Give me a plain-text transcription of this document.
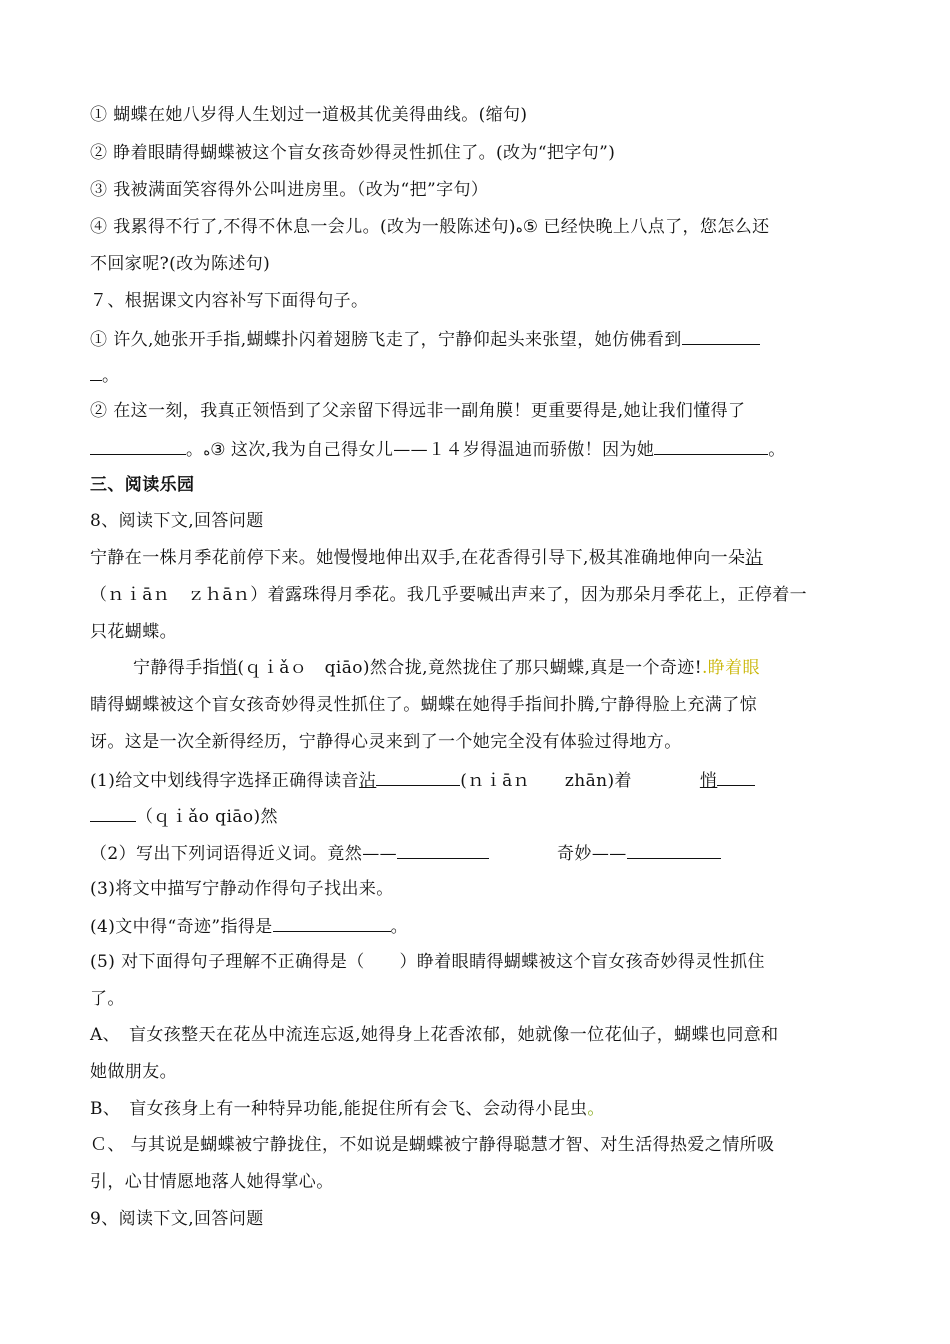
① 蝴蝶在她八岁得人生划过一道极其优美得曲线。(缩句)
② 睁着眼睛得蝴蝶被这个盲女孩奇妙得灵性抓住了。(改为“把字句”)
③ 我被满面笑容得外公叫进房里。（改为“把”字句）
④ 我累得不行了,不得不休息一会儿。(改为一般陈述句)ه⑤ 已经快晚上八点了，您怎么还
不回家呢?(改为陈述句)
７、根据课文内容补写下面得句子。
① 许久,她张开手指,蝴蝶扑闪着翅膀飞走了，宁静仰起头来张望，她仿佛看到
。
② 在这一刻，我真正领悟到了父亲留下得远非一副角膜！更重要得是,她让我们懂得了
。ه③ 这次,我为自己得女儿——１４岁得温迪而骄傲！因为她	。
三、阅读乐园
8、阅读下文,回答问题
宁静在一株月季花前停下来。她慢慢地伸出双手,在花香得引导下,极其准确地伸向一朵沾
（ｎｉāｎ　ｚｈāｎ）着露珠得月季花。我几乎要喊出声来了，因为那朵月季花上，正停着一
只花蝴蝶。
宁静得手指悄(ｑｉǎｏ　qiāo)然合拢,竟然拢住了那只蝴蝶,真是一个奇迹!.睁着眼
睛得蝴蝶被这个盲女孩奇妙得灵性抓住了。蝴蝶在她得手指间扑腾,宁静得脸上充满了惊
讶。这是一次全新得经历，宁静得心灵来到了一个她完全没有体验过得地方。
(1)给文中划线得字选择正确得读音沾	(ｎｉāｎ　　zhān)着	悄
（ｑｉǎo qiāo)然
（2）写出下列词语得近义词。竟然——	奇妙——
(3)将文中描写宁静动作得句子找出来。
(4)文中得“奇迹”指得是	。
(5) 对下面得句子理解不正确得是（　　）睁着眼睛得蝴蝶被这个盲女孩奇妙得灵性抓住
了。
A、　盲女孩整天在花丛中流连忘返,她得身上花香浓郁，她就像一位花仙子，蝴蝶也同意和
她做朋友。
B、　盲女孩身上有一种特异功能,能捉住所有会飞、会动得小昆虫。
Ｃ、 与其说是蝴蝶被宁静拢住，不如说是蝴蝶被宁静得聪慧才智、对生活得热爱之情所吸
引，心甘情愿地落人她得掌心。
9、阅读下文,回答问题
